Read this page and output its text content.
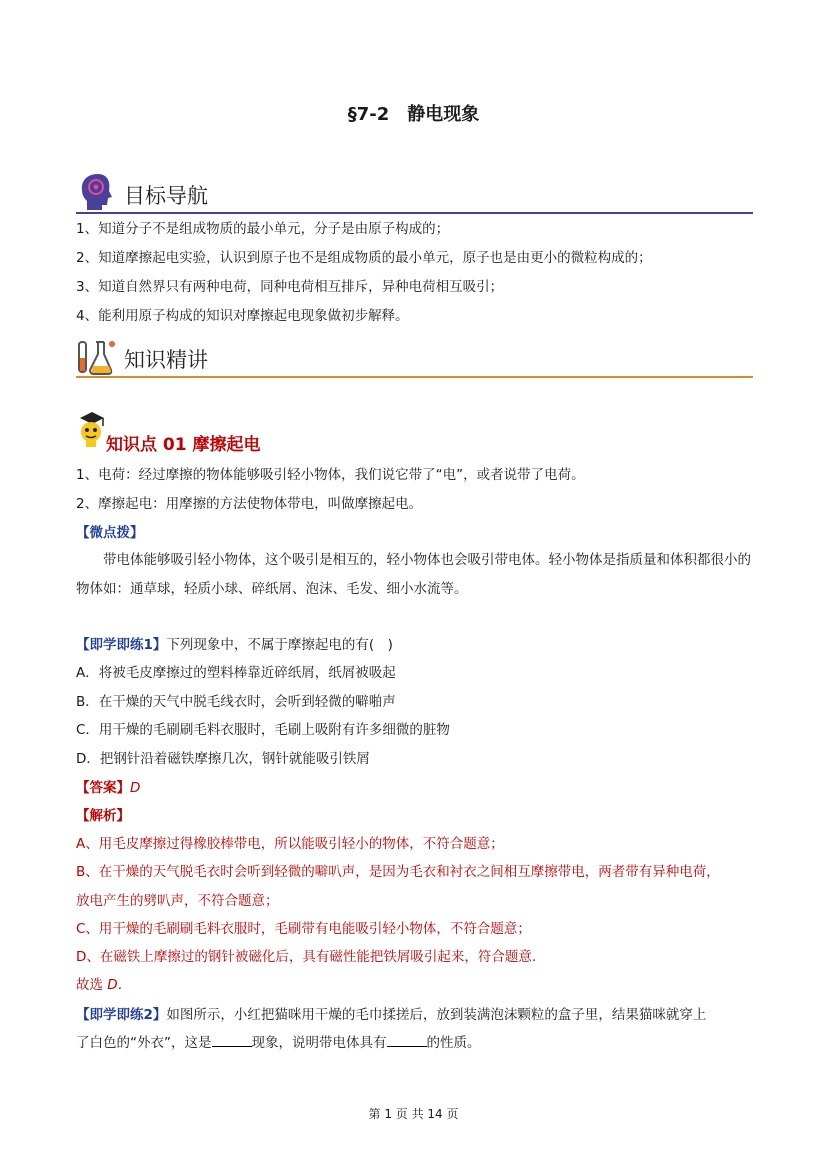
§7-2　静电现象
目标导航
1、知道分子不是组成物质的最小单元，分子是由原子构成的；
2、知道摩擦起电实验，认识到原子也不是组成物质的最小单元，原子也是由更小的微粒构成的；
3、知道自然界只有两种电荷，同种电荷相互排斥，异种电荷相互吸引；
4、能利用原子构成的知识对摩擦起电现象做初步解释。
知识精讲
知识点 01 摩擦起电
1、电荷：经过摩擦的物体能够吸引轻小物体，我们说它带了“电”，或者说带了电荷。
2、摩擦起电：用摩擦的方法使物体带电，叫做摩擦起电。
【微点拨】
带电体能够吸引轻小物体，这个吸引是相互的，轻小物体也会吸引带电体。轻小物体是指质量和体积都很小的物体如：通草球，轻质小球、碎纸屑、泡沫、毛发、细小水流等。
【即学即练1】下列现象中，不属于摩擦起电的有(　)
A．将被毛皮摩擦过的塑料棒靠近碎纸屑，纸屑被吸起
B．在干燥的天气中脱毛线衣时，会听到轻微的噼啪声
C．用干燥的毛刷刷毛料衣服时，毛刷上吸附有许多细微的脏物
D．把钢针沿着磁铁摩擦几次，钢针就能吸引铁屑
【答案】D
【解析】
A、用毛皮摩擦过得橡胶棒带电，所以能吸引轻小的物体，不符合题意；
B、在干燥的天气脱毛衣时会听到轻微的噼叭声，是因为毛衣和衬衣之间相互摩擦带电，两者带有异种电荷，
放电产生的劈叭声，不符合题意；
C、用干燥的毛刷刷毛料衣服时，毛刷带有电能吸引轻小物体，不符合题意；
D、在磁铁上摩擦过的钢针被磁化后，具有磁性能把铁屑吸引起来，符合题意.
故选 D.
【即学即练2】如图所示，小红把猫咪用干燥的毛巾揉搓后，放到装满泡沫颗粒的盒子里，结果猫咪就穿上
了白色的“外衣”，这是	现象，说明带电体具有	的性质。
第 1 页 共 14 页
